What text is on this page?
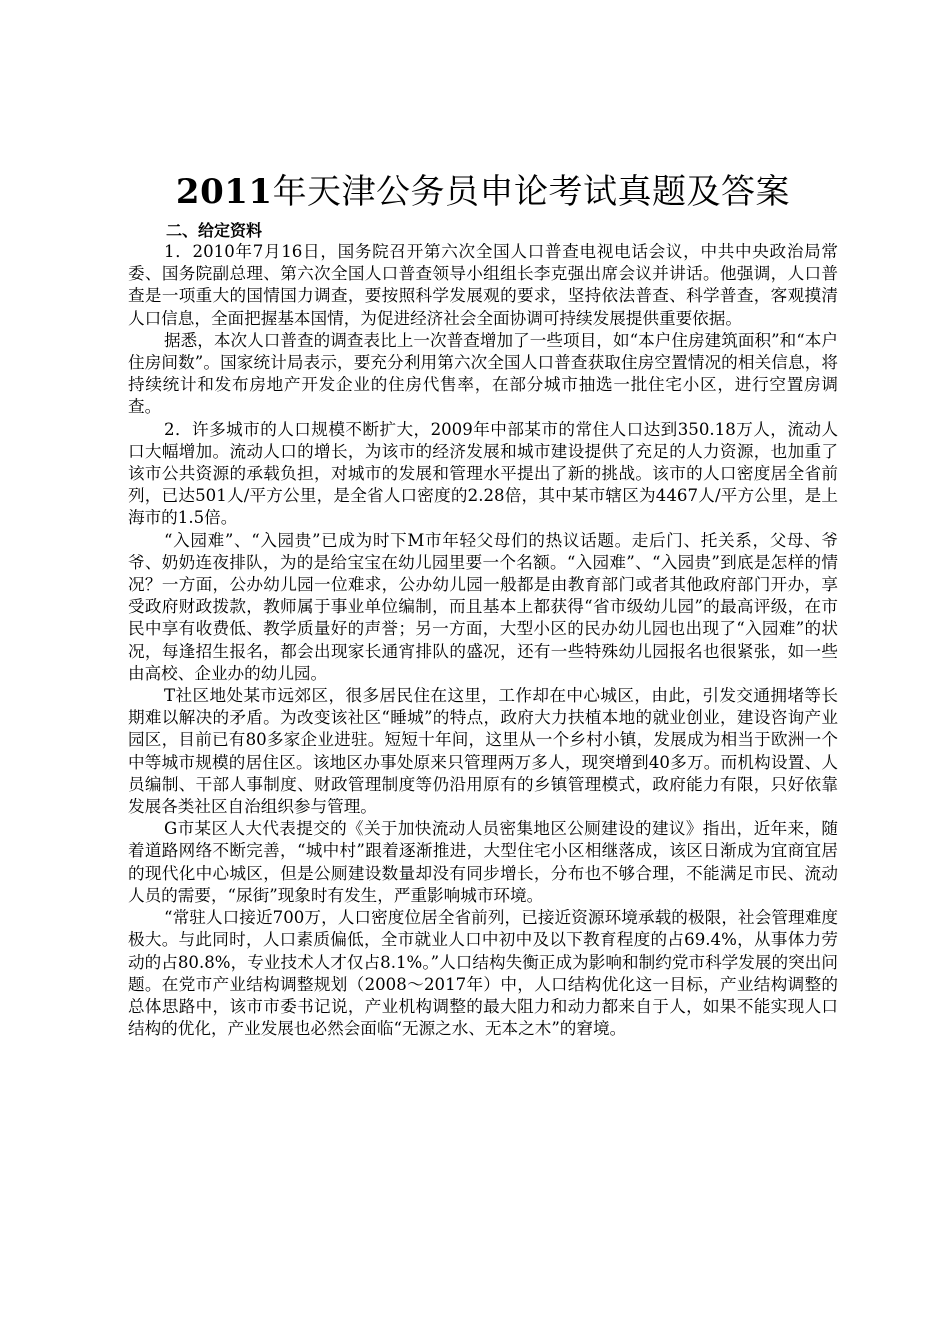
2011年天津公务员申论考试真题及答案

二、给定资料

1．2010年7月16日，国务院召开第六次全国人口普查电视电话会议，中共中央政治局常委、国务院副总理、第六次全国人口普查领导小组组长李克强出席会议并讲话。他强调，人口普查是一项重大的国情国力调查，要按照科学发展观的要求，坚持依法普查、科学普查，客观摸清人口信息，全面把握基本国情，为促进经济社会全面协调可持续发展提供重要依据。

据悉，本次人口普查的调查表比上一次普查增加了一些项目，如“本户住房建筑面积”和“本户住房间数”。国家统计局表示，要充分利用第六次全国人口普查获取住房空置情况的相关信息，将持续统计和发布房地产开发企业的住房代售率，在部分城市抽选一批住宅小区，进行空置房调查。

2．许多城市的人口规模不断扩大，2009年中部某市的常住人口达到350.18万人，流动人口大幅增加。流动人口的增长，为该市的经济发展和城市建设提供了充足的人力资源，也加重了该市公共资源的承载负担，对城市的发展和管理水平提出了新的挑战。该市的人口密度居全省前列，已达501人/平方公里，是全省人口密度的2.28倍，其中某市辖区为4467人/平方公里，是上海市的1.5倍。

“入园难”、“入园贵”已成为时下M市年轻父母们的热议话题。走后门、托关系，父母、爷爷、奶奶连夜排队，为的是给宝宝在幼儿园里要一个名额。“入园难”、“入园贵”到底是怎样的情况？一方面，公办幼儿园一位难求，公办幼儿园一般都是由教育部门或者其他政府部门开办，享受政府财政拨款，教师属于事业单位编制，而且基本上都获得“省市级幼儿园”的最高评级，在市民中享有收费低、教学质量好的声誉；另一方面，大型小区的民办幼儿园也出现了“入园难”的状况，每逢招生报名，都会出现家长通宵排队的盛况，还有一些特殊幼儿园报名也很紧张，如一些由高校、企业办的幼儿园。

T社区地处某市远郊区，很多居民住在这里，工作却在中心城区，由此，引发交通拥堵等长期难以解决的矛盾。为改变该社区“睡城”的特点，政府大力扶植本地的就业创业，建设咨询产业园区，目前已有80多家企业进驻。短短十年间，这里从一个乡村小镇，发展成为相当于欧洲一个中等城市规模的居住区。该地区办事处原来只管理两万多人，现突增到40多万。而机构设置、人员编制、干部人事制度、财政管理制度等仍沿用原有的乡镇管理模式，政府能力有限，只好依靠发展各类社区自治组织参与管理。

G市某区人大代表提交的《关于加快流动人员密集地区公厕建设的建议》指出，近年来，随着道路网络不断完善，“城中村”跟着逐渐推进，大型住宅小区相继落成，该区日渐成为宜商宜居的现代化中心城区，但是公厕建设数量却没有同步增长，分布也不够合理，不能满足市民、流动人员的需要，“尿街”现象时有发生，严重影响城市环境。

“常驻人口接近700万，人口密度位居全省前列，已接近资源环境承载的极限，社会管理难度极大。与此同时，人口素质偏低，全市就业人口中初中及以下教育程度的占69.4%，从事体力劳动的占80.8%，专业技术人才仅占8.1%。”人口结构失衡正成为影响和制约党市科学发展的突出问题。在党市产业结构调整规划（2008～2017年）中，人口结构优化这一目标，产业结构调整的总体思路中，该市市委书记说，产业机构调整的最大阻力和动力都来自于人，如果不能实现人口结构的优化，产业发展也必然会面临“无源之水、无本之木”的窘境。
